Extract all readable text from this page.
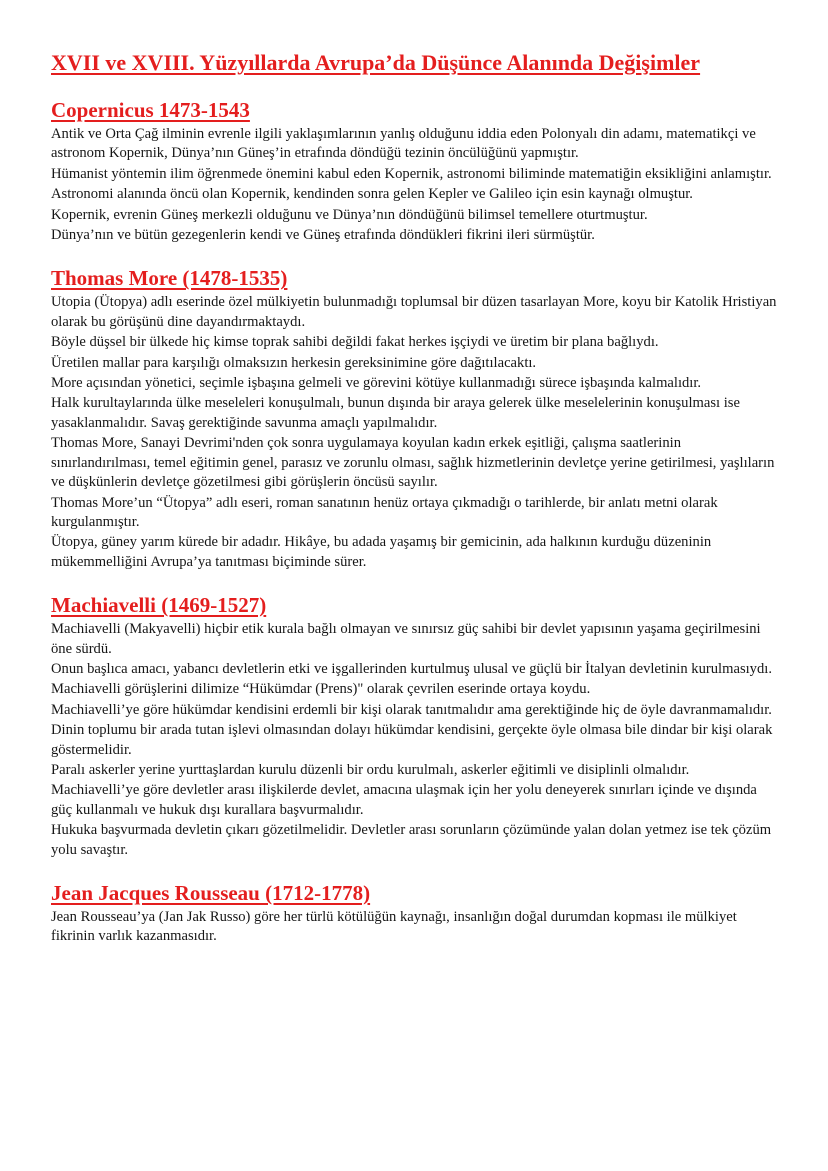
XVII ve XVIII. Yüzyıllarda Avrupa’da Düşünce Alanında Değişimler
Copernicus 1473-1543

Antik ve Orta Çağ ilminin evrenle ilgili yaklaşımlarının yanlış olduğunu iddia eden Polonyalı din adamı, matematikçi ve astronom Kopernik, Dünya’nın Güneş’in etrafında döndüğü tezinin öncülüğünü yapmıştır.

Hümanist yöntemin ilim öğrenmede önemini kabul eden Kopernik, astronomi biliminde matematiğin eksikliğini anlamıştır.

Astronomi alanında öncü olan Kopernik, kendinden sonra gelen Kepler ve Galileo için esin kaynağı olmuştur.

Kopernik, evrenin Güneş merkezli olduğunu ve Dünya’nın döndüğünü bilimsel temellere oturtmuştur.

Dünya’nın ve bütün gezegenlerin kendi ve Güneş etrafında döndükleri fikrini ileri sürmüştür.

Thomas More (1478-1535)

Utopia (Ütopya) adlı eserinde özel mülkiyetin bulunmadığı toplumsal bir düzen tasarlayan More, koyu bir Katolik Hristiyan olarak bu görüşünü dine dayandırmaktaydı.

Böyle düşsel bir ülkede hiç kimse toprak sahibi değildi fakat herkes işçiydi ve üretim bir plana bağlıydı.

Üretilen mallar para karşılığı olmaksızın herkesin gereksinimine göre dağıtılacaktı.

More açısından yönetici, seçimle işbaşına gelmeli ve görevini kötüye kullanmadığı sürece işbaşında kalmalıdır.

Halk kurultaylarında ülke meseleleri konuşulmalı, bunun dışında bir araya gelerek ülke meselelerinin konuşulması ise yasaklanmalıdır. Savaş gerektiğinde savunma amaçlı yapılmalıdır.

Thomas More, Sanayi Devrimi'nden çok sonra uygulamaya koyulan kadın erkek eşitliği, çalışma saatlerinin sınırlandırılması, temel eğitimin genel, parasız ve zorunlu olması, sağlık hizmetlerinin devletçe yerine getirilmesi, yaşlıların ve düşkünlerin devletçe gözetilmesi gibi görüşlerin öncüsü sayılır.

Thomas More’un “Ütopya” adlı eseri, roman sanatının henüz ortaya çıkmadığı o tarihlerde, bir anlatı metni olarak kurgulanmıştır.

Ütopya, güney yarım kürede bir adadır. Hikâye, bu adada yaşamış bir gemicinin, ada halkının kurduğu düzeninin mükemmelliğini Avrupa’ya tanıtması biçiminde sürer.

Machiavelli (1469-1527)

Machiavelli (Makyavelli) hiçbir etik kurala bağlı olmayan ve sınırsız güç sahibi bir devlet yapısının yaşama geçirilmesini öne sürdü.

Onun başlıca amacı, yabancı devletlerin etki ve işgallerinden kurtulmuş ulusal ve güçlü bir İtalyan devletinin kurulmasıydı.

Machiavelli görüşlerini dilimize “Hükümdar (Prens)" olarak çevrilen eserinde ortaya koydu.

Machiavelli’ye göre hükümdar kendisini erdemli bir kişi olarak tanıtmalıdır ama gerektiğinde hiç de öyle davranmamalıdır.

Dinin toplumu bir arada tutan işlevi olmasından dolayı hükümdar kendisini, gerçekte öyle olmasa bile dindar bir kişi olarak göstermelidir.

Paralı askerler yerine yurttaşlardan kurulu düzenli bir ordu kurulmalı, askerler eğitimli ve disiplinli olmalıdır.

Machiavelli’ye göre devletler arası ilişkilerde devlet, amacına ulaşmak için her yolu deneyerek sınırları içinde ve dışında güç kullanmalı ve hukuk dışı kurallara başvurmalıdır.

Hukuka başvurmada devletin çıkarı gözetilmelidir. Devletler arası sorunların çözümünde yalan dolan yetmez ise tek çözüm yolu savaştır.

Jean Jacques Rousseau (1712-1778)

Jean Rousseau’ya (Jan Jak Russo) göre her türlü kötülüğün kaynağı, insanlığın doğal durumdan kopması ile mülkiyet fikrinin varlık kazanmasıdır.
